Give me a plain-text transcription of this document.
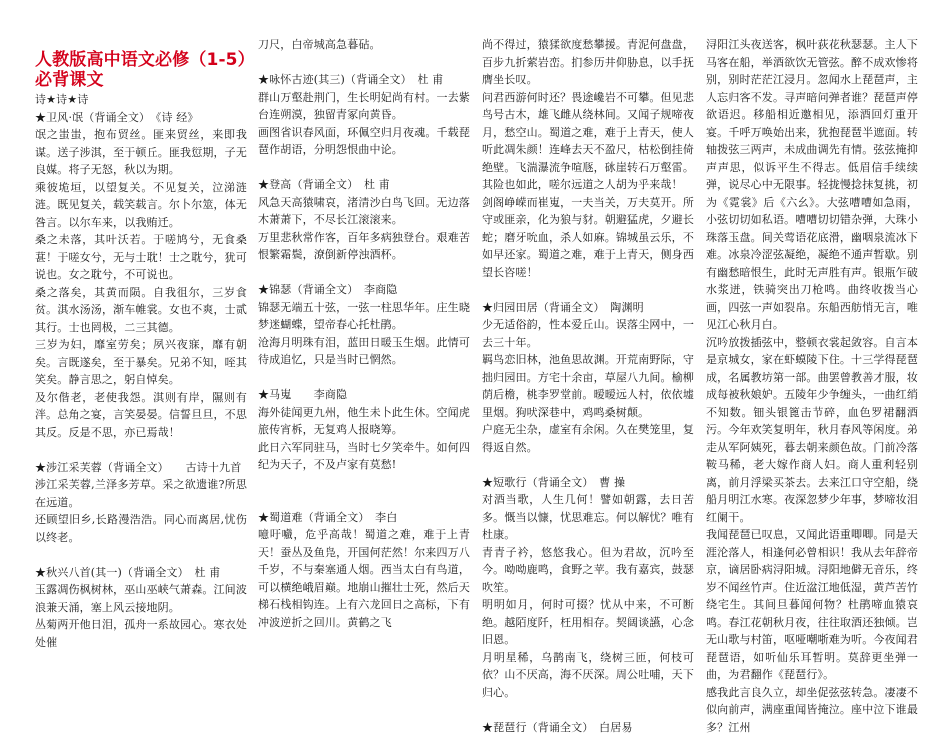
人教版高中语文必修（1-5）必背课文
诗★诗★诗
★卫风·氓（背诵全文）　《诗 经》

氓之蚩蚩，抱布贸丝。匪来贸丝，来即我谋。送子涉淇，至于顿丘。匪我愆期，子无良媒。将子无怒，秋以为期。

乘彼垝垣，以望复关。不见复关，泣涕涟涟。既见复关，载笑载言。尔卜尔筮，体无咎言。以尔车来，以我贿迁。

桑之未落，其叶沃若。于嗟鸠兮，无食桑葚！于嗟女兮，无与士耽！士之耽兮，犹可说也。女之耽兮，不可说也。

桑之落矣，其黄而陨。自我徂尔，三岁食贫。淇水汤汤，渐车帷裳。女也不爽，士贰其行。士也罔极，二三其德。

三岁为妇，靡室劳矣；夙兴夜寐，靡有朝矣。言既遂矣，至于暴矣。兄弟不知，咥其笑矣。静言思之，躬自悼矣。

及尔偕老，老使我怨。淇则有岸，隰则有泮。总角之宴，言笑晏晏。信誓旦旦，不思其反。反是不思，亦已焉哉！

★涉江采芙蓉（背诵全文）　　古诗十九首

涉江采芙蓉,兰泽多芳草。采之欲遗谁?所思在远道。

还顾望旧乡,长路漫浩浩。同心而离居,忧伤以终老。

★秋兴八首(其一)（背诵全文）　杜 甫

玉露凋伤枫树林，巫山巫峡气萧森。江间波浪兼天涌，塞上风云接地阴。

丛菊两开他日泪，孤舟一系故园心。寒衣处处催

刀尺，白帝城高急暮砧。

★咏怀古迹(其三)（背诵全文）　杜 甫

群山万壑赴荆门，生长明妃尚有村。一去紫台连朔漠，独留青冢向黄昏。

画图省识春风面，环佩空归月夜魂。千载琵琶作胡语，分明怨恨曲中论。

★登高（背诵全文）　杜 甫

风急天高猿啸哀，渚清沙白鸟飞回。无边落木萧萧下，不尽长江滚滚来。

万里悲秋常作客，百年多病独登台。艰难苦恨繁霜鬓，潦倒新停浊酒杯。

★锦瑟（背诵全文）　李商隐

锦瑟无端五十弦，一弦一柱思华年。庄生晓梦迷蝴蝶，望帝春心托杜鹃。

沧海月明珠有泪，蓝田日暖玉生烟。此情可待成追忆，只是当时已惘然。

★马嵬　　李商隐

海外徒闻更九州，他生未卜此生休。空闻虎旅传宵柝，无复鸡人报晓筹。

此日六军同驻马，当时七夕笑牵牛。如何四纪为天子，不及卢家有莫愁!

★蜀道难（背诵全文）　李白

噫吁嚱，危乎高哉！蜀道之难，难于上青天！蚕丛及鱼凫，开国何茫然！尔来四万八千岁，不与秦塞通人烟。西当太白有鸟道，可以横绝峨眉巅。地崩山摧壮士死，然后天梯石栈相钩连。上有六龙回日之高标，下有冲波逆折之回川。黄鹤之飞

尚不得过，猿猱欲度愁攀援。青泥何盘盘，百步九折萦岩峦。扪参历井仰胁息，以手抚膺坐长叹。

问君西游何时还？畏途巉岩不可攀。但见悲鸟号古木，雄飞雌从绕林间。又闻子规啼夜月，愁空山。蜀道之难，难于上青天，使人听此凋朱颜！连峰去天不盈尺，枯松倒挂倚绝壁。飞湍瀑流争喧豗，砯崖转石万壑雷。其险也如此，嗟尔远道之人胡为乎来哉！

剑阁峥嵘而崔嵬，一夫当关，万夫莫开。所守或匪亲，化为狼与豺。朝避猛虎，夕避长蛇；磨牙吮血，杀人如麻。锦城虽云乐，不如早还家。蜀道之难，难于上青天，侧身西望长咨嗟！

★归园田居（背诵全文）　陶渊明

少无适俗韵，性本爱丘山。误落尘网中，一去三十年。

羁鸟恋旧林，池鱼思故渊。开荒南野际，守拙归园田。方宅十余亩，草屋八九间。榆柳荫后檐，桃李罗堂前。暧暧远人村，依依墟里烟。狗吠深巷中，鸡鸣桑树颠。

户庭无尘杂，虚室有余闲。久在樊笼里，复得返自然。

★短歌行（背诵全文）　曹 操

对酒当歌，人生几何！譬如朝露，去日苦多。慨当以慷，忧思难忘。何以解忧？唯有杜康。

青青子衿，悠悠我心。但为君故，沉吟至今。呦呦鹿鸣，食野之苹。我有嘉宾，鼓瑟吹笙。

明明如月，何时可掇？忧从中来，不可断绝。越陌度阡，枉用相存。契阔谈讌，心念旧恩。

月明星稀，乌鹊南飞，绕树三匝，何枝可依？山不厌高，海不厌深。周公吐哺，天下归心。

★琵琶行（背诵全文）　白居易

浔阳江头夜送客，枫叶荻花秋瑟瑟。主人下马客在船，举酒欲饮无管弦。醉不成欢惨将别，别时茫茫江浸月。忽闻水上琵琶声，主人忘归客不发。寻声暗问弹者谁？琵琶声停欲语迟。移船相近邀相见，添酒回灯重开宴。千呼万唤始出来，犹抱琵琶半遮面。转轴拨弦三两声，未成曲调先有情。弦弦掩抑声声思，似诉平生不得志。低眉信手续续弹，说尽心中无限事。轻拢慢捻抹复挑，初为《霓裳》后《六幺》。大弦嘈嘈如急雨，小弦切切如私语。嘈嘈切切错杂弹，大珠小珠落玉盘。间关莺语花底滑，幽咽泉流冰下难。冰泉冷涩弦凝绝，凝绝不通声暂歇。别有幽愁暗恨生，此时无声胜有声。银瓶乍破水浆迸，铁骑突出刀枪鸣。曲终收拨当心画，四弦一声如裂帛。东船西舫悄无言，唯见江心秋月白。

沉吟放拨插弦中，整顿衣裳起敛容。自言本是京城女，家在虾蟆陵下住。十三学得琵琶成，名属教坊第一部。曲罢曾教善才服，妆成每被秋娘妒。五陵年少争缠头，一曲红绡不知数。钿头银篦击节碎，血色罗裙翻酒污。今年欢笑复明年，秋月春风等闲度。弟走从军阿姨死，暮去朝来颜色故。门前冷落鞍马稀，老大嫁作商人妇。商人重利轻别离，前月浮梁买茶去。去来江口守空船，绕船月明江水寒。夜深忽梦少年事，梦啼妆泪红阑干。

我闻琵琶已叹息，又闻此语重唧唧。同是天涯沦落人，相逢何必曾相识！我从去年辞帝京，谪居卧病浔阳城。浔阳地僻无音乐，终岁不闻丝竹声。住近湓江地低湿，黄芦苦竹绕宅生。其间旦暮闻何物？杜鹃啼血猿哀鸣。春江花朝秋月夜，往往取酒还独倾。岂无山歌与村笛，呕哑嘲哳难为听。今夜闻君琵琶语，如听仙乐耳暂明。莫辞更坐弹一曲，为君翻作《琵琶行》。

感我此言良久立，却坐促弦弦转急。凄凄不似向前声，满座重闻皆掩泣。座中泣下谁最多？江州
